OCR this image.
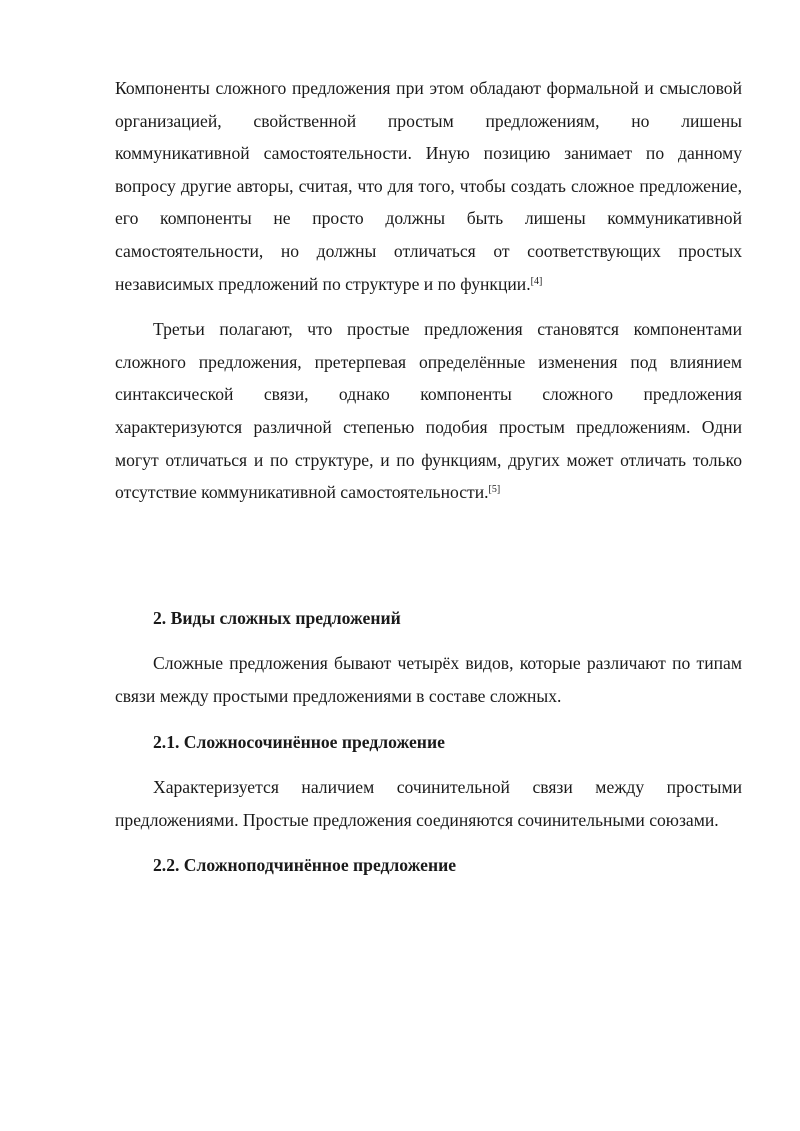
Компоненты сложного предложения при этом обладают формальной и смысловой организацией, свойственной простым предложениям, но лишены коммуникативной самостоятельности. Иную позицию занимает по данному вопросу другие авторы, считая, что для того, чтобы создать сложное предложение, его компоненты не просто должны быть лишены коммуникативной самостоятельности, но должны отличаться от соответствующих простых независимых предложений по структуре и по функции.[4]

Третьи полагают, что простые предложения становятся компонентами сложного предложения, претерпевая определённые изменения под влиянием синтаксической связи, однако компоненты сложного предложения характеризуются различной степенью подобия простым предложениям. Одни могут отличаться и по структуре, и по функциям, других может отличать только отсутствие коммуникативной самостоятельности.[5]

2. Виды сложных предложений

Сложные предложения бывают четырёх видов, которые различают по типам связи между простыми предложениями в составе сложных.

2.1. Сложносочинённое предложение

Характеризуется наличием сочинительной связи между простыми предложениями. Простые предложения соединяются сочинительными союзами.

2.2. Сложноподчинённое предложение
